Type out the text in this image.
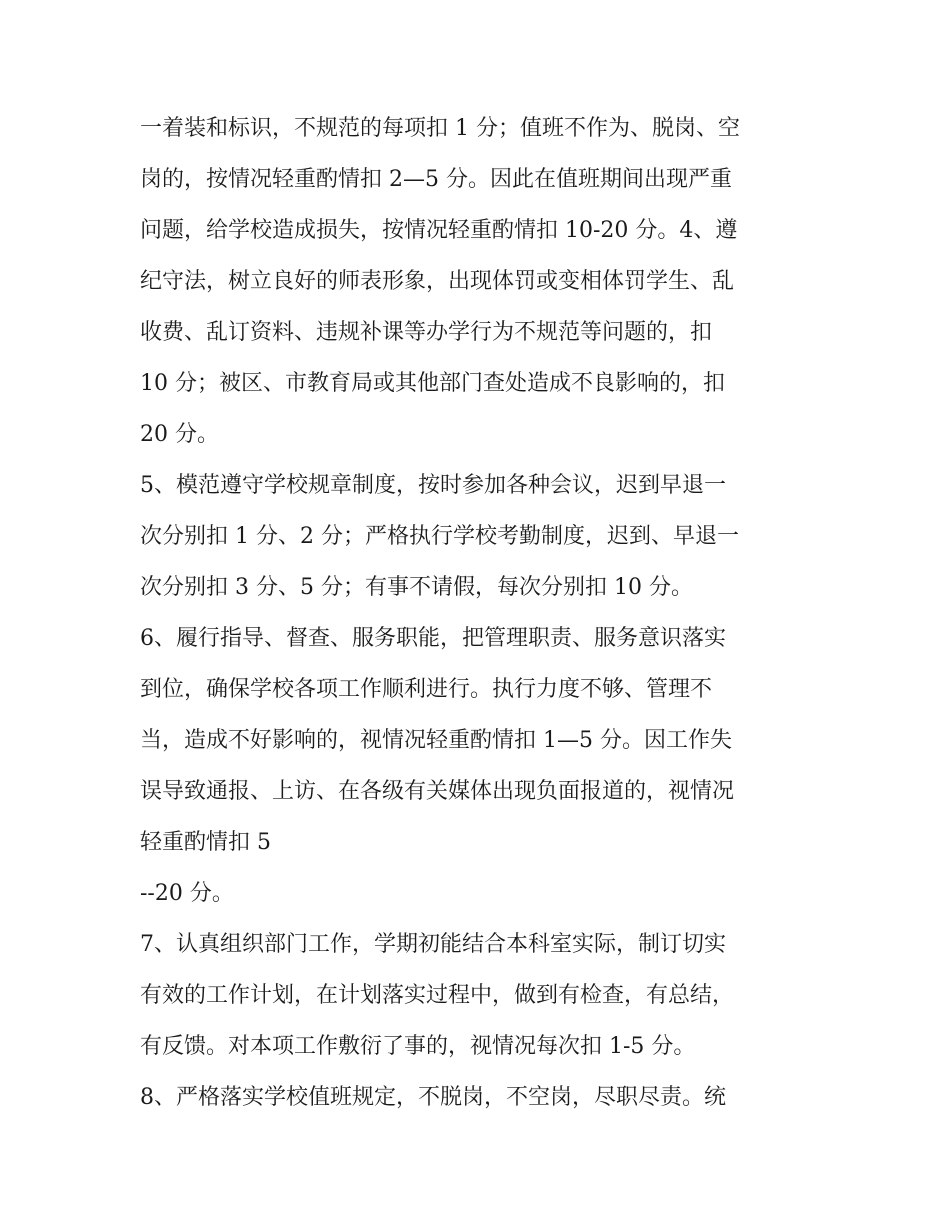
一着装和标识，不规范的每项扣 1 分；值班不作为、脱岗、空
岗的，按情况轻重酌情扣 2—5 分。因此在值班期间出现严重
问题，给学校造成损失，按情况轻重酌情扣 10-20 分。4、遵
纪守法，树立良好的师表形象，出现体罚或变相体罚学生、乱
收费、乱订资料、违规补课等办学行为不规范等问题的，扣
10 分；被区、市教育局或其他部门查处造成不良影响的，扣
20 分。
5、模范遵守学校规章制度，按时参加各种会议，迟到早退一
次分别扣 1 分、2 分；严格执行学校考勤制度，迟到、早退一
次分别扣 3 分、5 分；有事不请假，每次分别扣 10 分。
6、履行指导、督查、服务职能，把管理职责、服务意识落实
到位，确保学校各项工作顺利进行。执行力度不够、管理不
当，造成不好影响的，视情况轻重酌情扣 1—5 分。因工作失
误导致通报、上访、在各级有关媒体出现负面报道的，视情况
轻重酌情扣 5
--20 分。
7、认真组织部门工作，学期初能结合本科室实际，制订切实
有效的工作计划，在计划落实过程中，做到有检查，有总结，
有反馈。对本项工作敷衍了事的，视情况每次扣 1-5 分。
8、严格落实学校值班规定，不脱岗，不空岗，尽职尽责。统
